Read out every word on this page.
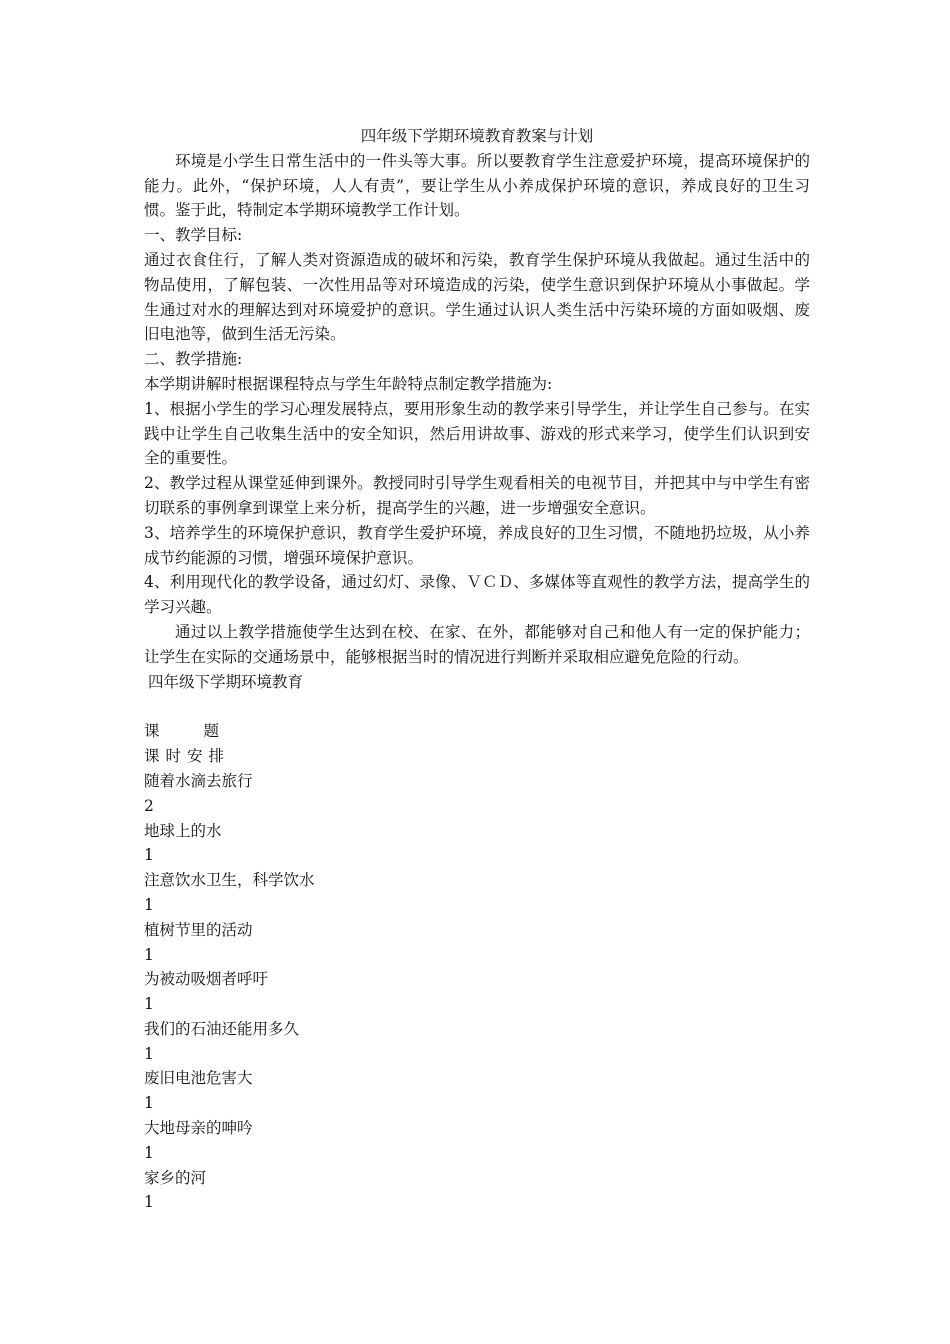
四年级下学期环境教育教案与计划

环境是小学生日常生活中的一件头等大事。所以要教育学生注意爱护环境，提高环境保护的能力。此外，“保护环境，人人有责”，要让学生从小养成保护环境的意识，养成良好的卫生习惯。鉴于此，特制定本学期环境教学工作计划。

一、教学目标:

通过衣食住行，了解人类对资源造成的破坏和污染，教育学生保护环境从我做起。通过生活中的物品使用，了解包装、一次性用品等对环境造成的污染，使学生意识到保护环境从小事做起。学生通过对水的理解达到对环境爱护的意识。学生通过认识人类生活中污染环境的方面如吸烟、废旧电池等，做到生活无污染。

二、教学措施:

本学期讲解时根据课程特点与学生年龄特点制定教学措施为:

1、根据小学生的学习心理发展特点，要用形象生动的教学来引导学生，并让学生自己参与。在实践中让学生自己收集生活中的安全知识，然后用讲故事、游戏的形式来学习，使学生们认识到安全的重要性。

2、教学过程从课堂延伸到课外。教授同时引导学生观看相关的电视节目，并把其中与中学生有密切联系的事例拿到课堂上来分析，提高学生的兴趣，进一步增强安全意识。

3、培养学生的环境保护意识，教育学生爱护环境，养成良好的卫生习惯，不随地扔垃圾，从小养成节约能源的习惯，增强环境保护意识。

4、利用现代化的教学设备，通过幻灯、录像、ＶＣＤ、多媒体等直观性的教学方法，提高学生的学习兴趣。

通过以上教学措施使学生达到在校、在家、在外，都能够对自己和他人有一定的保护能力；让学生在实际的交通场景中，能够根据当时的情况进行判断并采取相应避免危险的行动。

四年级下学期环境教育

课	题

课时安排

随着水滴去旅行

2

地球上的水

1

注意饮水卫生，科学饮水

1

植树节里的活动

1

为被动吸烟者呼吁

1

我们的石油还能用多久

1

废旧电池危害大

1

大地母亲的呻吟

1

家乡的河

1
